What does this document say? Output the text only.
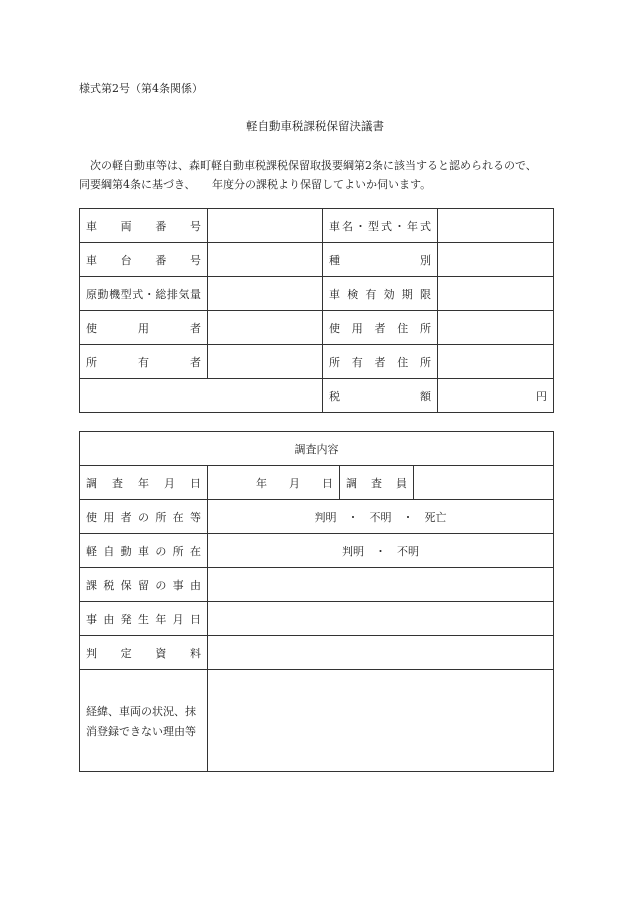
様式第2号（第4条関係）
軽自動車税課税保留決議書
次の軽自動車等は、森町軽自動車税課税保留取扱要綱第2条に該当すると認められるので、
同要綱第4条に基づき、　　年度分の課税より保留してよいか伺います。
車両番号		車名・型式・年式	
車台番号		種別	
原動機型式・総排気量		車検有効期限	
使用者		使用者住所	
所有者		所有者住所	
		税額	円
調査内容			
調査年月日	年　　月　　日	調査員	
使用者の所在等	判明　・　不明　・　死亡		
軽自動車の所在	判明　・　不明		
課税保留の事由			
事由発生年月日			
判定資料			
経緯、車両の状況、抹
消登録できない理由等			
